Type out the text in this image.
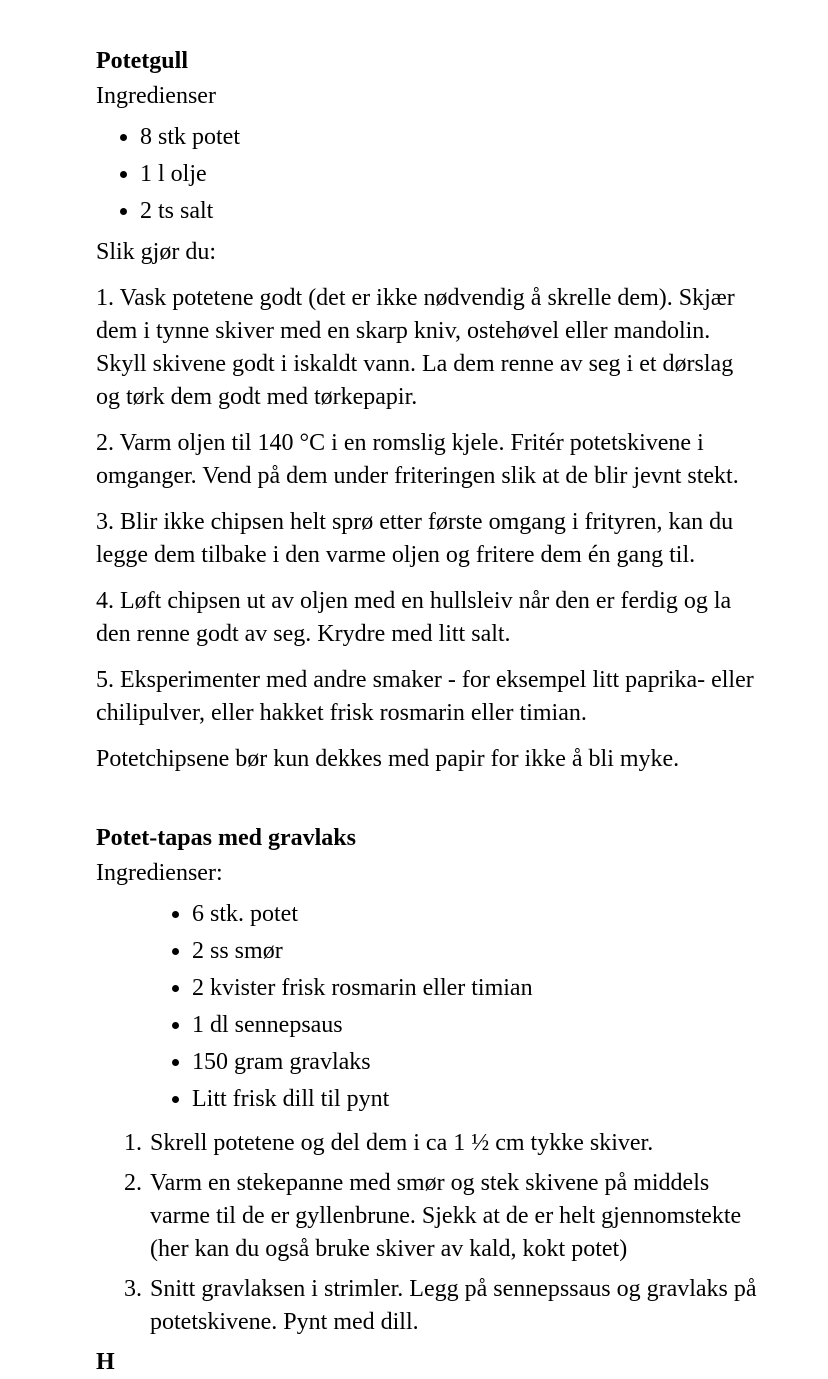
Potetgull

Ingredienser

• 8 stk potet
• 1 l olje
• 2 ts salt

Slik gjør du:

1. Vask potetene godt (det er ikke nødvendig å skrelle dem). Skjær dem i tynne skiver med en skarp kniv, ostehøvel eller mandolin. Skyll skivene godt i iskaldt vann. La dem renne av seg i et dørslag og tørk dem godt med tørkepapir.

2. Varm oljen til 140 °C i en romslig kjele. Fritér potetskivene i omganger. Vend på dem under friteringen slik at de blir jevnt stekt.

3. Blir ikke chipsen helt sprø etter første omgang i frityren, kan du legge dem tilbake i den varme oljen og fritere dem én gang til.

4. Løft chipsen ut av oljen med en hullsleiv når den er ferdig og la den renne godt av seg. Krydre med litt salt.

5. Eksperimenter med andre smaker - for eksempel litt paprika- eller chilipulver, eller hakket frisk rosmarin eller timian.

Potetchipsene bør kun dekkes med papir for ikke å bli myke.

Potet-tapas med gravlaks

Ingredienser:

• 6 stk. potet
• 2 ss smør
• 2 kvister frisk rosmarin eller timian
• 1 dl sennepsaus
• 150 gram gravlaks
• Litt frisk dill til pynt
1. Skrell potetene og del dem i ca 1 ½ cm tykke skiver.
2. Varm en stekepanne med smør og stek skivene på middels varme til de er gyllenbrune. Sjekk at de er helt gjennomstekte (her kan du også bruke skiver av kald, kokt potet)
3. Snitt gravlaksen i strimler. Legg på sennepssaus og gravlaks på potetskivene. Pynt med dill.
H
